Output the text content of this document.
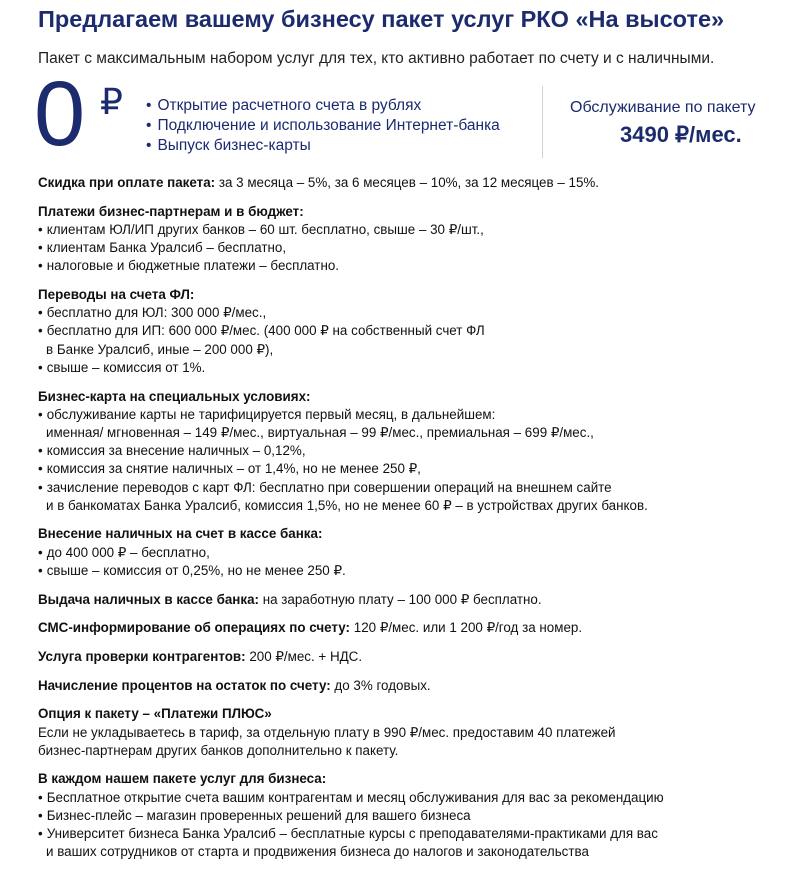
Предлагаем вашему бизнесу пакет услуг РКО «На высоте»

Пакет с максимальным набором услуг для тех, кто активно работает по счету и с наличными.

0 ₽
•	Открытие расчетного счета в рублях
• Подключение и использование Интернет-банка
• Выпуск бизнес-карты
Обслуживание по пакету
3490 ₽/мес.
Скидка при оплате пакета: за 3 месяца – 5%, за 6 месяцев – 10%, за 12 месяцев – 15%.
Платежи бизнес-партнерам и в бюджет:
• клиентам ЮЛ/ИП других банков – 60 шт. бесплатно, свыше – 30 ₽/шт.,
• клиентам Банка Уралсиб – бесплатно,
• налоговые и бюджетные платежи – бесплатно.
Переводы на счета ФЛ:
• бесплатно для ЮЛ: 300 000 ₽/мес.,
• бесплатно для ИП: 600 000 ₽/мес. (400 000 ₽ на собственный счет ФЛ
в Банке Уралсиб, иные – 200 000 ₽),
• свыше – комиссия от 1%.
Бизнес-карта на специальных условиях:
• обслуживание карты не тарифицируется первый месяц, в дальнейшем:
именная/ мгновенная – 149 ₽/мес., виртуальная – 99 ₽/мес., премиальная – 699 ₽/мес.,
• комиссия за внесение наличных – 0,12%,
• комиссия за снятие наличных – от 1,4%, но не менее 250 ₽,
• зачисление переводов с карт ФЛ: бесплатно при совершении операций на внешнем сайте
и в банкоматах Банка Уралсиб, комиссия 1,5%, но не менее 60 ₽ – в устройствах других банков.
Внесение наличных на счет в кассе банка:
• до 400 000 ₽ – бесплатно,
• свыше – комиссия от 0,25%, но не менее 250 ₽.
Выдача наличных в кассе банка: на заработную плату – 100 000 ₽ бесплатно.
СМС-информирование об операциях по счету: 120 ₽/мес. или 1 200 ₽/год за номер.
Услуга проверки контрагентов: 200 ₽/мес. + НДС.
Начисление процентов на остаток по счету: до 3% годовых.
Опция к пакету – «Платежи ПЛЮС»
Если не укладываетесь в тариф, за отдельную плату в 990 ₽/мес. предоставим 40 платежей
бизнес-партнерам других банков дополнительно к пакету.
В каждом нашем пакете услуг для бизнеса:
• Бесплатное открытие счета вашим контрагентам и месяц обслуживания для вас за рекомендацию
• Бизнес-плейс – магазин проверенных решений для вашего бизнеса
• Университет бизнеса Банка Уралсиб – бесплатные курсы с преподавателями-практиками для вас
и ваших сотрудников от старта и продвижения бизнеса до налогов и законодательства
